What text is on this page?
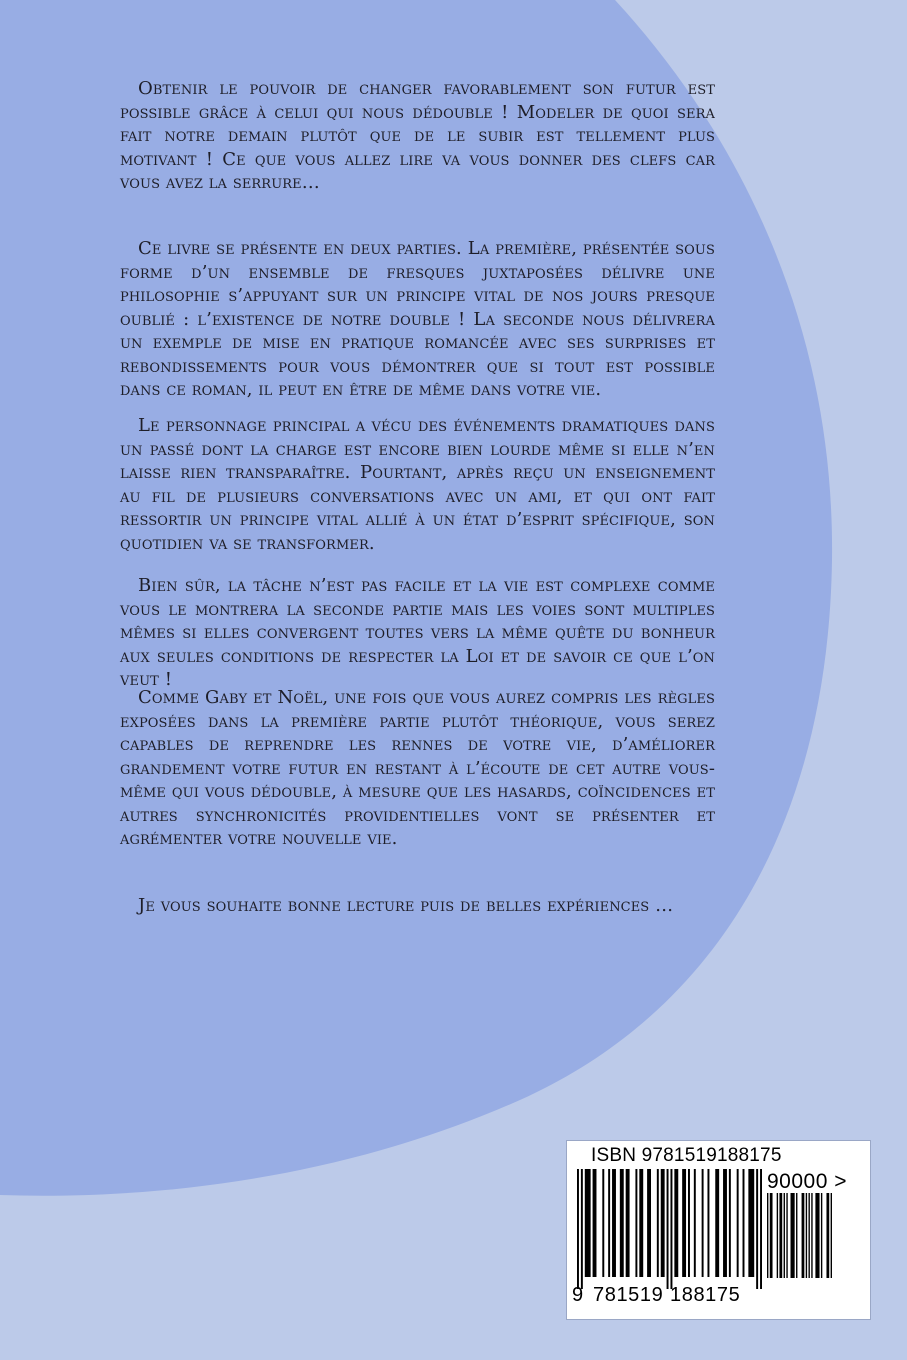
Obtenir le pouvoir de changer favorablement son futur est possible grâce à celui qui nous dédouble ! Modeler de quoi sera fait notre demain plutôt que de le subir est tellement plus motivant ! Ce que vous allez lire va vous donner des clefs car vous avez la serrure…

Ce livre se présente en deux parties. La première, présentée sous forme d’un ensemble de fresques juxtaposées délivre une philosophie s’appuyant sur un principe vital de nos jours presque oublié : l’existence de notre double ! La seconde nous délivrera un exemple de mise en pratique romancée avec ses surprises et rebondissements pour vous démontrer que si tout est possible dans ce roman, il peut en être de même dans votre vie.

Le personnage principal a vécu des événements dramatiques dans un passé dont la charge est encore bien lourde même si elle n’en laisse rien transparaître. Pourtant, après reçu un enseignement au fil de plusieurs conversations avec un ami, et qui ont fait ressortir un principe vital allié à un état d’esprit spécifique, son quotidien va se transformer.

Bien sûr, la tâche n’est pas facile et la vie est complexe comme vous le montrera la seconde partie mais les voies sont multiples mêmes si elles convergent toutes vers la même quête du bonheur aux seules conditions de respecter la Loi et de savoir ce que l’on veut !

Comme Gaby et Noël, une fois que vous aurez compris les règles exposées dans la première partie plutôt théorique, vous serez capables de reprendre les rennes de votre vie, d’améliorer grandement votre futur en restant à l’écoute de cet autre vous-même qui vous dédouble, à mesure que les hasards, coïncidences et autres synchronicités providentielles vont se présenter et agrémenter votre nouvelle vie.

Je vous souhaite bonne lecture puis de belles expériences …

ISBN 9781519188175
90000 >
9 781519 188175
